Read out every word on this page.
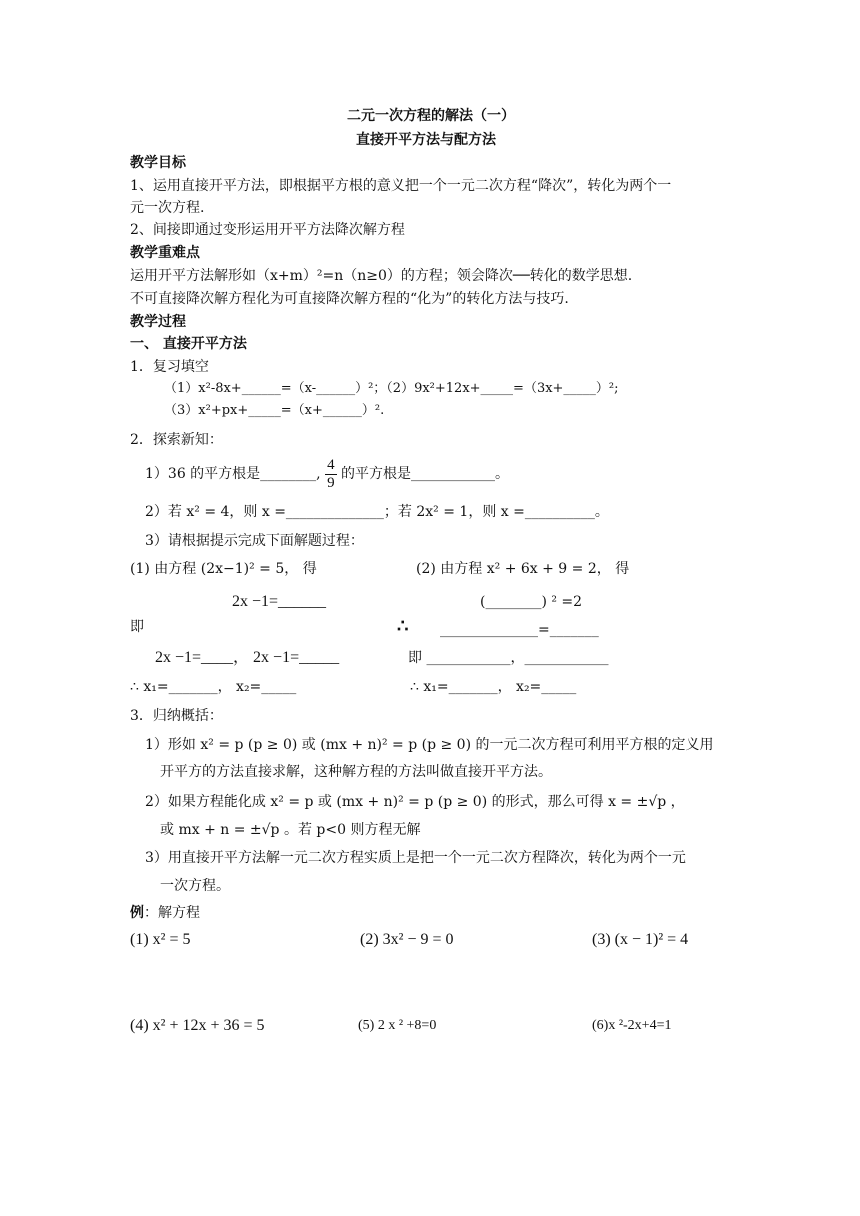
二元一次方程的解法（一）
直接开平方法与配方法
教学目标
1、运用直接开平方法，即根据平方根的意义把一个一元二次方程“降次”，转化为两个一
元一次方程.
2、间接即通过变形运用开平方法降次解方程
教学重难点
运用开平方法解形如（x+m）²=n（n≥0）的方程；领会降次──转化的数学思想.
不可直接降次解方程化为可直接降次解方程的“化为”的转化方法与技巧.
教学过程
一、 直接开平方法
1．复习填空
（1）x²-8x+______=（x-______）²；（2）9x²+12x+_____=（3x+_____）²;
（3）x²+px+_____=（x+______）².
2．探索新知：
1）36 的平方根是________, $\frac{4}{9}$ 的平方根是____________。
2）若 x² = 4，则 x =______________；若 2x² = 1，则 x =__________。
3）请根据提示完成下面解题过程：
(1) 由方程 (2x−1)² = 5， 得	(2) 由方程 x² + 6x + 9 = 2， 得
2x −1=______	(________) ² =2
即	∴ ______________=_______
2x −1=____， 2x −1=_____	即 ____________，____________
∴ x₁=_______， x₂=_____	∴ x₁=_______， x₂=_____
3．归纳概括：
1）形如 x² = p (p ≥ 0) 或 (mx + n)² = p (p ≥ 0) 的一元二次方程可利用平方根的定义用
开平方的方法直接求解，这种解方程的方法叫做直接开平方法。
2）如果方程能化成 x² = p 或 (mx + n)² = p (p ≥ 0) 的形式，那么可得 x = ±√p ，
或 mx + n = ±√p 。若 p<0 则方程无解
3）用直接开平方法解一元二次方程实质上是把一个一元二次方程降次，转化为两个一元
一次方程。
例：解方程
(1) x² = 5	(2) 3x² − 9 = 0	(3) (x − 1)² = 4
(4) x² + 12x + 36 = 5	(5) 2 x ² +8=0	(6)x ²-2x+4=1
